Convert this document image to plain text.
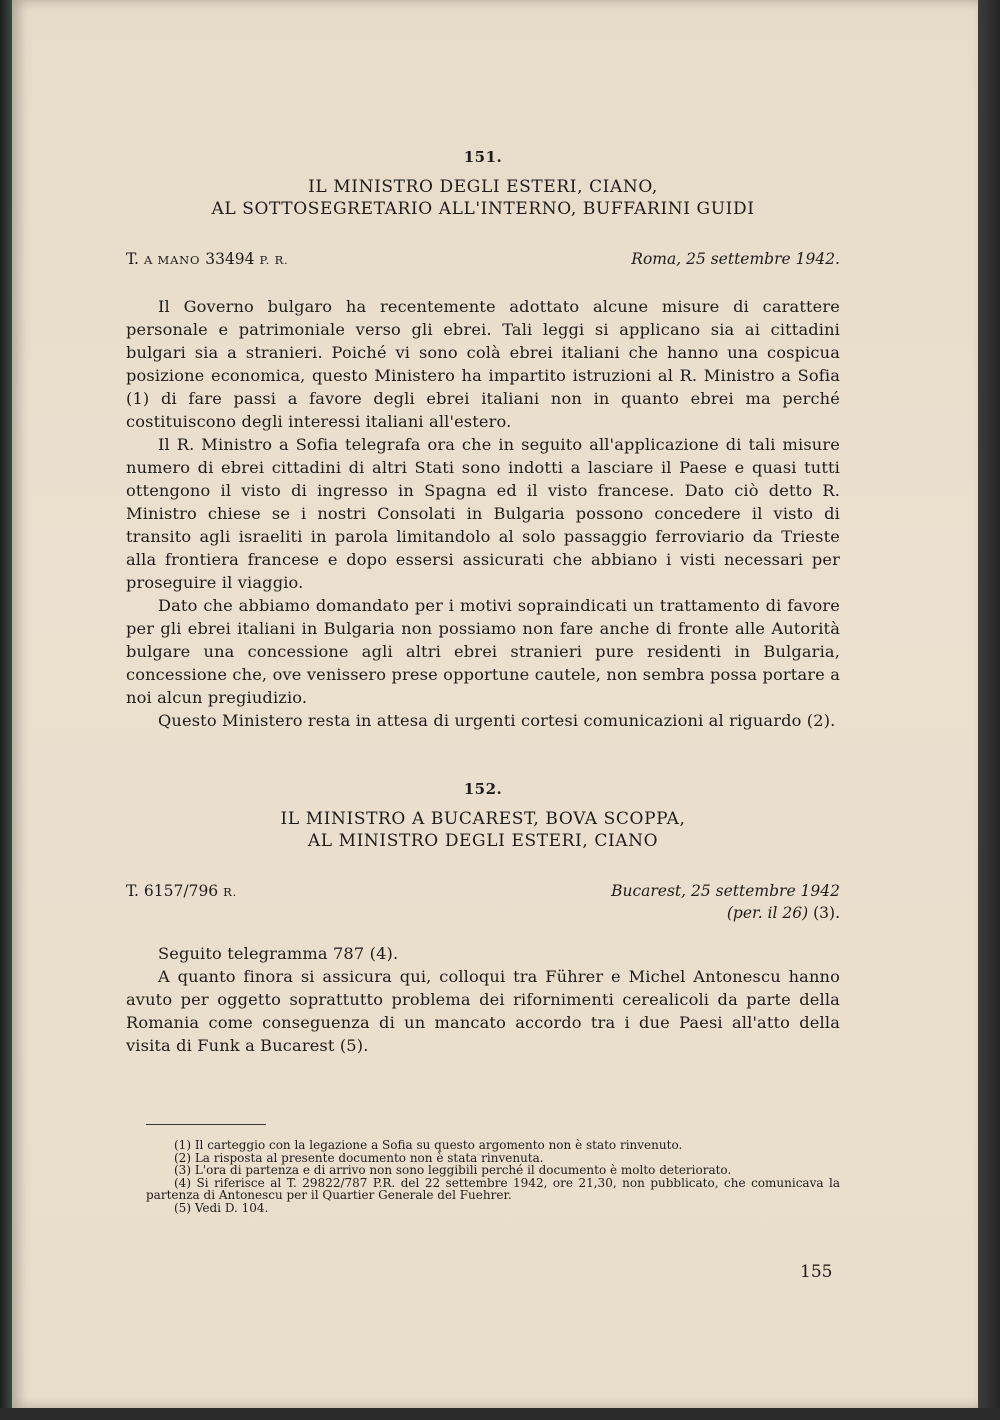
151.

IL MINISTRO DEGLI ESTERI, CIANO,

AL SOTTOSEGRETARIO ALL'INTERNO, BUFFARINI GUIDI

T. A MANO 33494 P. R.	Roma, 25 settembre 1942.

Il Governo bulgaro ha recentemente adottato alcune misure di carattere personale e patrimoniale verso gli ebrei. Tali leggi si applicano sia ai cittadini bulgari sia a stranieri. Poiché vi sono colà ebrei italiani che hanno una cospicua posizione economica, questo Ministero ha impartito istruzioni al R. Ministro a Sofia (1) di fare passi a favore degli ebrei italiani non in quanto ebrei ma perché costituiscono degli interessi italiani all'estero.

Il R. Ministro a Sofia telegrafa ora che in seguito all'applicazione di tali misure numero di ebrei cittadini di altri Stati sono indotti a lasciare il Paese e quasi tutti ottengono il visto di ingresso in Spagna ed il visto francese. Dato ciò detto R. Ministro chiese se i nostri Consolati in Bulgaria possono concedere il visto di transito agli israeliti in parola limitandolo al solo passaggio ferroviario da Trieste alla frontiera francese e dopo essersi assicurati che abbiano i visti necessari per proseguire il viaggio.

Dato che abbiamo domandato per i motivi sopraindicati un trattamento di favore per gli ebrei italiani in Bulgaria non possiamo non fare anche di fronte alle Autorità bulgare una concessione agli altri ebrei stranieri pure residenti in Bulgaria, concessione che, ove venissero prese opportune cautele, non sembra possa portare a noi alcun pregiudizio.

Questo Ministero resta in attesa di urgenti cortesi comunicazioni al riguardo (2).

152.

IL MINISTRO A BUCAREST, BOVA SCOPPA,

AL MINISTRO DEGLI ESTERI, CIANO

T. 6157/796 R.	Bucarest, 25 settembre 1942
(per. il 26) (3).

Seguito telegramma 787 (4).

A quanto finora si assicura qui, colloqui tra Führer e Michel Antonescu hanno avuto per oggetto soprattutto problema dei rifornimenti cerealicoli da parte della Romania come conseguenza di un mancato accordo tra i due Paesi all'atto della visita di Funk a Bucarest (5).

(1) Il carteggio con la legazione a Sofia su questo argomento non è stato rinvenuto.

(2) La risposta al presente documento non è stata rinvenuta.

(3) L'ora di partenza e di arrivo non sono leggibili perché il documento è molto deteriorato.

(4) Si riferisce al T. 29822/787 P.R. del 22 settembre 1942, ore 21,30, non pubblicato, che comunicava la partenza di Antonescu per il Quartier Generale del Fuehrer.

(5) Vedi D. 104.

155
